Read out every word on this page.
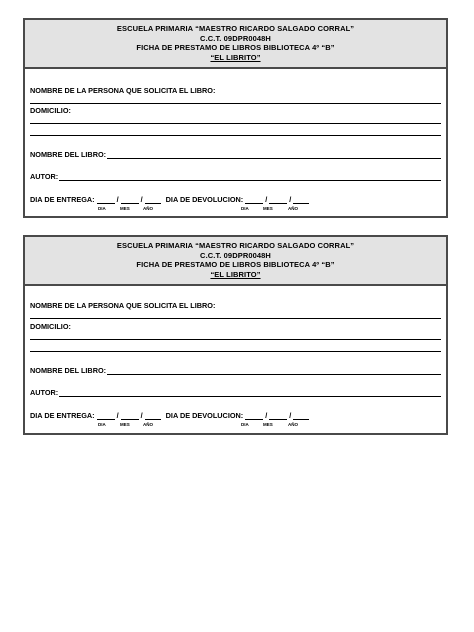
ESCUELA PRIMARIA “MAESTRO RICARDO SALGADO CORRAL”
C.C.T. 09DPR0048H
FICHA DE PRESTAMO DE LIBROS BIBLIOTECA 4º “B”
“EL LIBRITO”
NOMBRE DE LA PERSONA QUE SOLICITA EL LIBRO:
DOMICILIO:
NOMBRE DEL LIBRO:
AUTOR:
DIA DE ENTREGA:	/	/	DIA DE DEVOLUCION:	/	/
DIA	MES	AÑO	DIA	MES	AÑO
ESCUELA PRIMARIA “MAESTRO RICARDO SALGADO CORRAL”
C.C.T. 09DPR0048H
FICHA DE PRESTAMO DE LIBROS BIBLIOTECA 4º “B”
“EL LIBRITO”
NOMBRE DE LA PERSONA QUE SOLICITA EL LIBRO:
DOMICILIO:
NOMBRE DEL LIBRO:
AUTOR:
DIA DE ENTREGA:	/	/	DIA DE DEVOLUCION:	/	/
DIA	MES	AÑO	DIA	MES	AÑO
